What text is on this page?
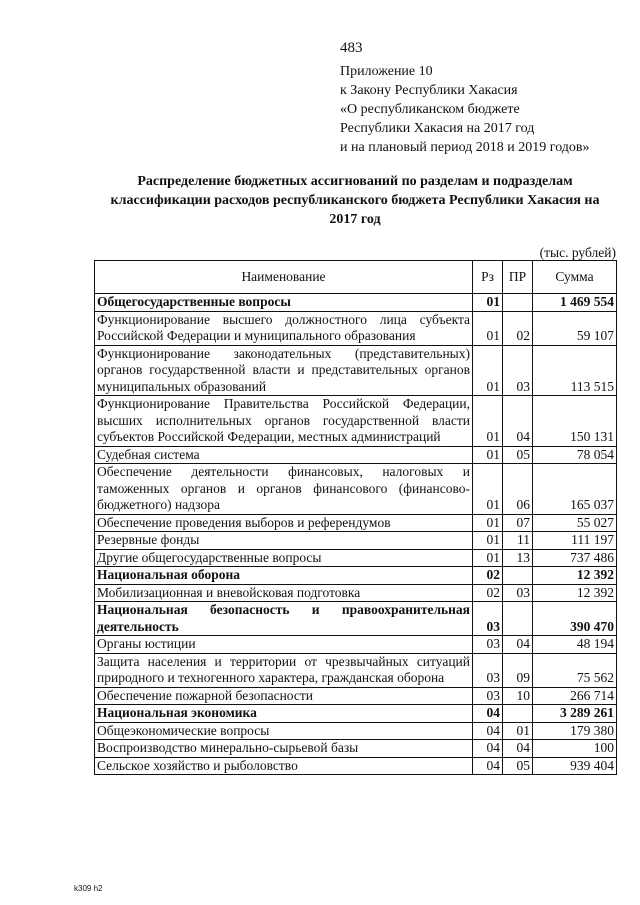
483
Приложение 10
к Закону Республики Хакасия
«О республиканском бюджете
Республики Хакасия на 2017 год
и на плановый период 2018 и 2019 годов»
Распределение бюджетных ассигнований по разделам и подразделам классификации расходов республиканского бюджета Республики Хакасия на 2017 год
(тыс. рублей)
Наименование	Рз	ПР	Сумма
Общегосударственные вопросы	01		1 469 554
Функционирование высшего должностного лица субъекта Российской Федерации и муниципального образования	01	02	59 107
Функционирование законодательных (представительных) органов государственной власти и представительных органов муниципальных образований	01	03	113 515
Функционирование Правительства Российской Федерации, высших исполнительных органов государственной власти субъектов Российской Федерации, местных администраций	01	04	150 131
Судебная система	01	05	78 054
Обеспечение деятельности финансовых, налоговых и таможенных органов и органов финансового (финансово-бюджетного) надзора	01	06	165 037
Обеспечение проведения выборов и референдумов	01	07	55 027
Резервные фонды	01	11	111 197
Другие общегосударственные вопросы	01	13	737 486
Национальная оборона	02		12 392
Мобилизационная и вневойсковая подготовка	02	03	12 392
Национальная безопасность и правоохранительная деятельность	03		390 470
Органы юстиции	03	04	48 194
Защита населения и территории от чрезвычайных ситуаций природного и техногенного характера, гражданская оборона	03	09	75 562
Обеспечение пожарной безопасности	03	10	266 714
Национальная экономика	04		3 289 261
Общеэкономические вопросы	04	01	179 380
Воспроизводство минерально-сырьевой базы	04	04	100
Сельское хозяйство и рыболовство	04	05	939 404
k309 h2
